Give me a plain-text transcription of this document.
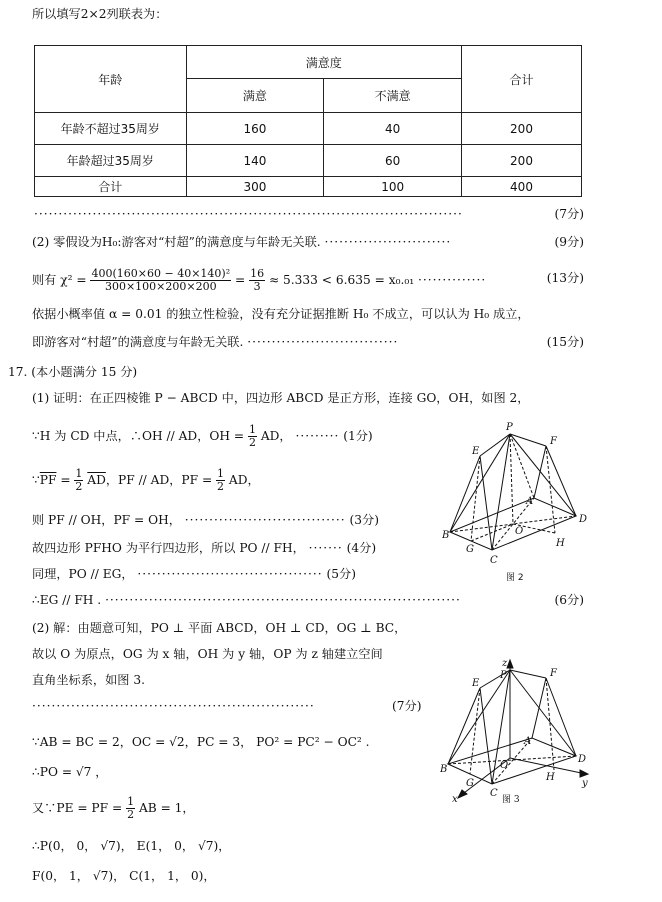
所以填写2×2列联表为：
年龄	满意度		合计
	满意	不满意	
年龄不超过35周岁	160	40	200
年龄超过35周岁	140	60	200
合计	300	100	400
························································································	(7分)
(2) 零假设为H₀:游客对“村超”的满意度与年龄无关联. ··························	(9分)
则有 $\chi^2 = \frac{\text{400(160×60 − 40×140)²}}{300\times 100\times 200\times 200} = \frac{16}{3} \approx 5.333 < 6.635 = x_0._{01}$ ··············	(13分)
依据小概率值 α = 0.01 的独立性检验，没有充分证据推断 H₀ 不成立，可以认为 H₀ 成立，
即游客对“村超”的满意度与年龄无关联. ·······························	(15分)
17. (本小题满分 15 分)
(1) 证明：在正四棱锥 P − ABCD 中，四边形 ABCD 是正方形，连接 GO，OH，如图 2，
∵H 为 CD 中点，∴OH // AD，OH = $\frac{1}{2}$ AD， ········· (1分)
$\because\overline{PF} = \frac{1}{2} \overline{AD}$，PF // AD，PF = $\frac{1}{2}$ AD，
则 PF // OH，PF = OH， ································· (3分)
故四边形 PFHO 为平行四边形，所以 PO // FH， ······· (4分)
同理，PO // EG， ······································ (5分)
∴EG // FH . ·········································································	(6分)
(2) 解：由题意可知，PO ⊥ 平面 ABCD，OH ⊥ CD，OG ⊥ BC，
故以 O 为原点，OG 为 x 轴，OH 为 y 轴，OP 为 z 轴建立空间
直角坐标系，如图 3.
··························································	(7分)
∵AB = BC = 2，OC = √2，PC = 3， PO² = PC² − OC² .
∴PO = √7 ，
又∵PE = PF = $\frac{1}{2}$ AB = 1，
∴P(0， 0， √7)， E(1， 0， √7)，
F(0， 1， √7)， C(1， 1， 0)，
P
E
F
A
B
C
D
G
H
O
图 2
z
P
E
F
A
B
C
D
G
H
O
y
x	图 3
